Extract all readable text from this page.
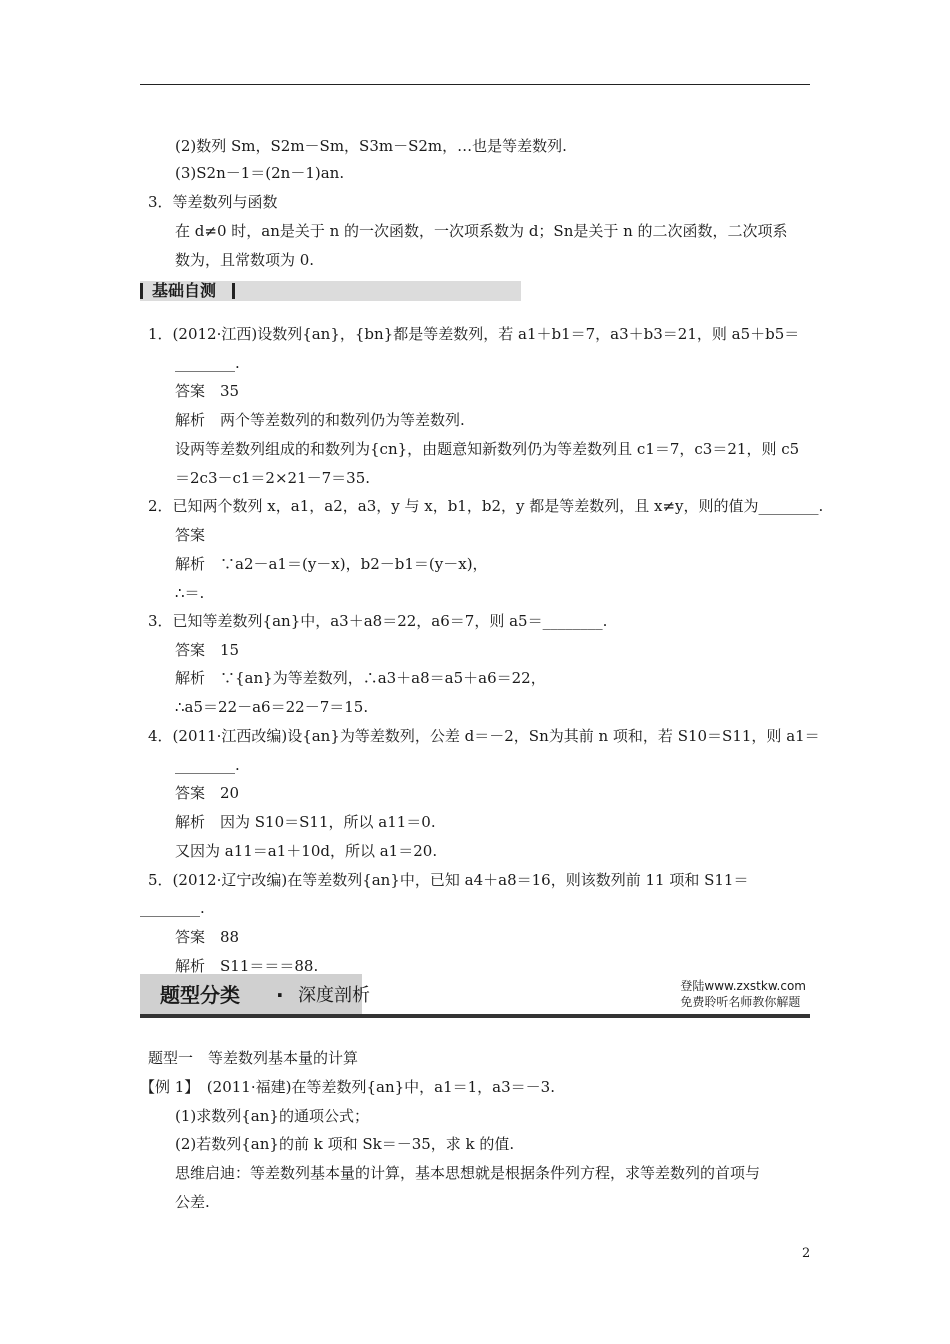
基础自测
题型分类 · 深度剖析	登陆www.zxstkw.com
免费聆听名师教你解题
(2)数列 Sm，S2m－Sm，S3m－S2m，…也是等差数列.
(3)S2n－1＝(2n－1)an.
3．等差数列与函数
在 d≠0 时，an是关于 n 的一次函数，一次项系数为 d；Sn是关于 n 的二次函数，二次项系
数为，且常数项为 0.
1．(2012·江西)设数列{an}，{bn}都是等差数列，若 a1＋b1＝7，a3＋b3＝21，则 a5＋b5＝
________.
答案　35
解析　两个等差数列的和数列仍为等差数列.
设两等差数列组成的和数列为{cn}，由题意知新数列仍为等差数列且 c1＝7，c3＝21，则 c5
＝2c3－c1＝2×21－7＝35.
2．已知两个数列 x，a1，a2，a3，y 与 x，b1，b2，y 都是等差数列，且 x≠y，则的值为________.
答案
解析　∵a2－a1＝(y－x)，b2－b1＝(y－x)，
∴＝.
3．已知等差数列{an}中，a3＋a8＝22，a6＝7，则 a5＝________.
答案　15
解析　∵{an}为等差数列，∴a3＋a8＝a5＋a6＝22，
∴a5＝22－a6＝22－7＝15.
4．(2011·江西改编)设{an}为等差数列，公差 d＝－2，Sn为其前 n 项和，若 S10＝S11，则 a1＝
________.
答案　20
解析　因为 S10＝S11，所以 a11＝0.
又因为 a11＝a1＋10d，所以 a1＝20.
5．(2012·辽宁改编)在等差数列{an}中，已知 a4＋a8＝16，则该数列前 11 项和 S11＝
________.
答案　88
解析　S11＝＝＝88.
题型一　等差数列基本量的计算
【例 1】　(2011·福建)在等差数列{an}中，a1＝1，a3＝－3.
(1)求数列{an}的通项公式；
(2)若数列{an}的前 k 项和 Sk＝－35，求 k 的值.
思维启迪：等差数列基本量的计算，基本思想就是根据条件列方程，求等差数列的首项与
公差.
2
